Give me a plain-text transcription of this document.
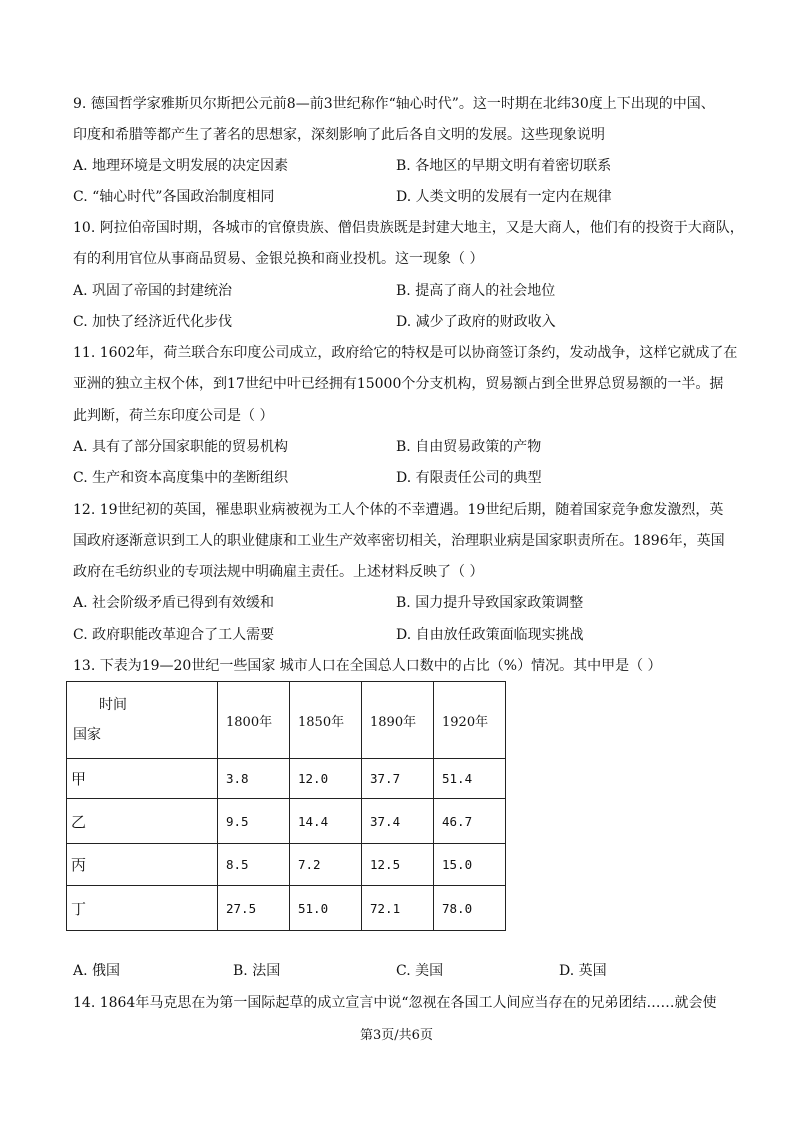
9. 德国哲学家雅斯贝尔斯把公元前8—前3世纪称作“轴心时代”。这一时期在北纬30度上下出现的中国、
印度和希腊等都产生了著名的思想家，深刻影响了此后各自文明的发展。这些现象说明
A. 地理环境是文明发展的决定因素	B. 各地区的早期文明有着密切联系
C. “轴心时代”各国政治制度相同	D. 人类文明的发展有一定内在规律
10. 阿拉伯帝国时期，各城市的官僚贵族、僧侣贵族既是封建大地主，又是大商人，他们有的投资于大商队，
有的利用官位从事商品贸易、金银兑换和商业投机。这一现象（ ）
A. 巩固了帝国的封建统治	B. 提高了商人的社会地位
C. 加快了经济近代化步伐	D. 减少了政府的财政收入
11. 1602年，荷兰联合东印度公司成立，政府给它的特权是可以协商签订条约，发动战争，这样它就成了在
亚洲的独立主权个体，到17世纪中叶已经拥有15000个分支机构，贸易额占到全世界总贸易额的一半。据
此判断，荷兰东印度公司是（ ）
A. 具有了部分国家职能的贸易机构	B. 自由贸易政策的产物
C. 生产和资本高度集中的垄断组织	D. 有限责任公司的典型
12. 19世纪初的英国，罹患职业病被视为工人个体的不幸遭遇。19世纪后期，随着国家竞争愈发激烈，英
国政府逐渐意识到工人的职业健康和工业生产效率密切相关，治理职业病是国家职责所在。1896年，英国
政府在毛纺织业的专项法规中明确雇主责任。上述材料反映了（ ）
A. 社会阶级矛盾已得到有效缓和	B. 国力提升导致国家政策调整
C. 政府职能改革迎合了工人需要	D. 自由放任政策面临现实挑战
13. 下表为19—20世纪一些国家 城市人口在全国总人口数中的占比（%）情况。其中甲是（ ）
时间
国家	1800年	1850年	1890年	1920年
甲	3.8	12.0	37.7	51.4
乙	9.5	14.4	37.4	46.7
丙	8.5	7.2	12.5	15.0
丁	27.5	51.0	72.1	78.0
A. 俄国	B. 法国	C. 美国	D. 英国
14. 1864年马克思在为第一国际起草的成立宣言中说“忽视在各国工人间应当存在的兄弟团结……就会使
第3页/共6页
